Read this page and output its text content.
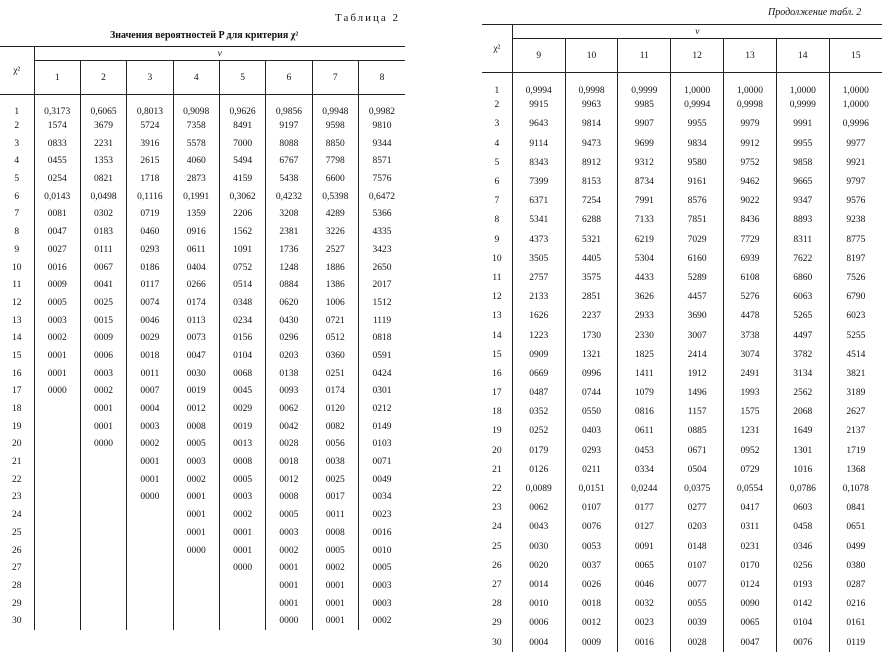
Таблица 2
Значения вероятностей P для критерия χ²
χ²	ν							
	1	2	3	4	5	6	7	8
1	0,3173	0,6065	0,8013	0,9098	0,9626	0,9856	0,9948	0,9982
2	1574	3679	5724	7358	8491	9197	9598	9810
3	0833	2231	3916	5578	7000	8088	8850	9344
4	0455	1353	2615	4060	5494	6767	7798	8571
5	0254	0821	1718	2873	4159	5438	6600	7576
6	0,0143	0,0498	0,1116	0,1991	0,3062	0,4232	0,5398	0,6472
7	0081	0302	0719	1359	2206	3208	4289	5366
8	0047	0183	0460	0916	1562	2381	3226	4335
9	0027	0111	0293	0611	1091	1736	2527	3423
10	0016	0067	0186	0404	0752	1248	1886	2650
11	0009	0041	0117	0266	0514	0884	1386	2017
12	0005	0025	0074	0174	0348	0620	1006	1512
13	0003	0015	0046	0113	0234	0430	0721	1119
14	0002	0009	0029	0073	0156	0296	0512	0818
15	0001	0006	0018	0047	0104	0203	0360	0591
16	0001	0003	0011	0030	0068	0138	0251	0424
17	0000	0002	0007	0019	0045	0093	0174	0301
18		0001	0004	0012	0029	0062	0120	0212
19		0001	0003	0008	0019	0042	0082	0149
20		0000	0002	0005	0013	0028	0056	0103
21			0001	0003	0008	0018	0038	0071
22			0001	0002	0005	0012	0025	0049
23			0000	0001	0003	0008	0017	0034
24				0001	0002	0005	0011	0023
25				0001	0001	0003	0008	0016
26				0000	0001	0002	0005	0010
27					0000	0001	0002	0005
28						0001	0001	0003
29						0001	0001	0003
30						0000	0001	0002
Продолжение табл. 2
χ²	ν						
	9	10	11	12	13	14	15
1	0,9994	0,9998	0,9999	1,0000	1,0000	1,0000	1,0000
2	9915	9963	9985	0,9994	0,9998	0,9999	1,0000
3	9643	9814	9907	9955	9979	9991	0,9996
4	9114	9473	9699	9834	9912	9955	9977
5	8343	8912	9312	9580	9752	9858	9921
6	7399	8153	8734	9161	9462	9665	9797
7	6371	7254	7991	8576	9022	9347	9576
8	5341	6288	7133	7851	8436	8893	9238
9	4373	5321	6219	7029	7729	8311	8775
10	3505	4405	5304	6160	6939	7622	8197
11	2757	3575	4433	5289	6108	6860	7526
12	2133	2851	3626	4457	5276	6063	6790
13	1626	2237	2933	3690	4478	5265	6023
14	1223	1730	2330	3007	3738	4497	5255
15	0909	1321	1825	2414	3074	3782	4514
16	0669	0996	1411	1912	2491	3134	3821
17	0487	0744	1079	1496	1993	2562	3189
18	0352	0550	0816	1157	1575	2068	2627
19	0252	0403	0611	0885	1231	1649	2137
20	0179	0293	0453	0671	0952	1301	1719
21	0126	0211	0334	0504	0729	1016	1368
22	0,0089	0,0151	0,0244	0,0375	0,0554	0,0786	0,1078
23	0062	0107	0177	0277	0417	0603	0841
24	0043	0076	0127	0203	0311	0458	0651
25	0030	0053	0091	0148	0231	0346	0499
26	0020	0037	0065	0107	0170	0256	0380
27	0014	0026	0046	0077	0124	0193	0287
28	0010	0018	0032	0055	0090	0142	0216
29	0006	0012	0023	0039	0065	0104	0161
30	0004	0009	0016	0028	0047	0076	0119
